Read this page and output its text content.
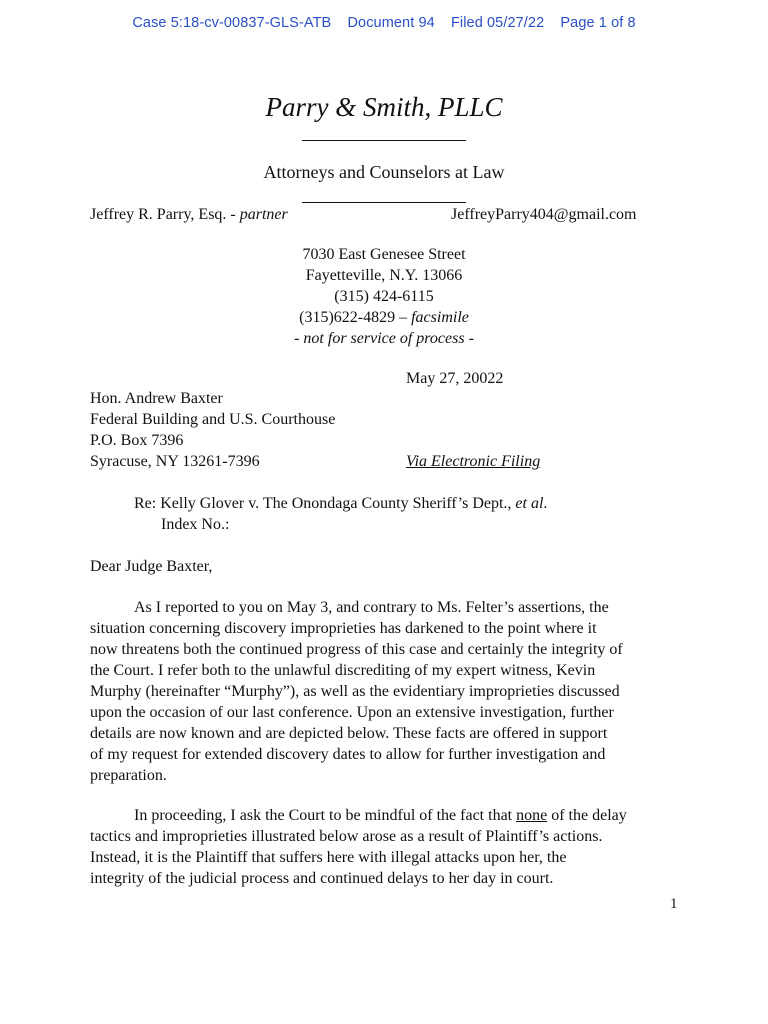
Case 5:18-cv-00837-GLS-ATB Document 94 Filed 05/27/22 Page 1 of 8
Parry & Smith, PLLC
Attorneys and Counselors at Law
Jeffrey R. Parry, Esq. - partner	JeffreyParry404@gmail.com
7030 East Genesee Street
Fayetteville, N.Y. 13066
(315) 424-6115
(315)622-4829 – facsimile
- not for service of process -
May 27, 20022
Hon. Andrew Baxter
Federal Building and U.S. Courthouse
P.O. Box 7396
Syracuse, NY 13261-7396	Via Electronic Filing
Re: Kelly Glover v. The Onondaga County Sheriff’s Dept., et al.
Index No.:
Dear Judge Baxter,
As I reported to you on May 3, and contrary to Ms. Felter’s assertions, the
situation concerning discovery improprieties has darkened to the point where it
now threatens both the continued progress of this case and certainly the integrity of
the Court. I refer both to the unlawful discrediting of my expert witness, Kevin
Murphy (hereinafter “Murphy”), as well as the evidentiary improprieties discussed
upon the occasion of our last conference. Upon an extensive investigation, further
details are now known and are depicted below. These facts are offered in support
of my request for extended discovery dates to allow for further investigation and
preparation.
In proceeding, I ask the Court to be mindful of the fact that none of the delay
tactics and improprieties illustrated below arose as a result of Plaintiff’s actions.
Instead, it is the Plaintiff that suffers here with illegal attacks upon her, the
integrity of the judicial process and continued delays to her day in court.
1
